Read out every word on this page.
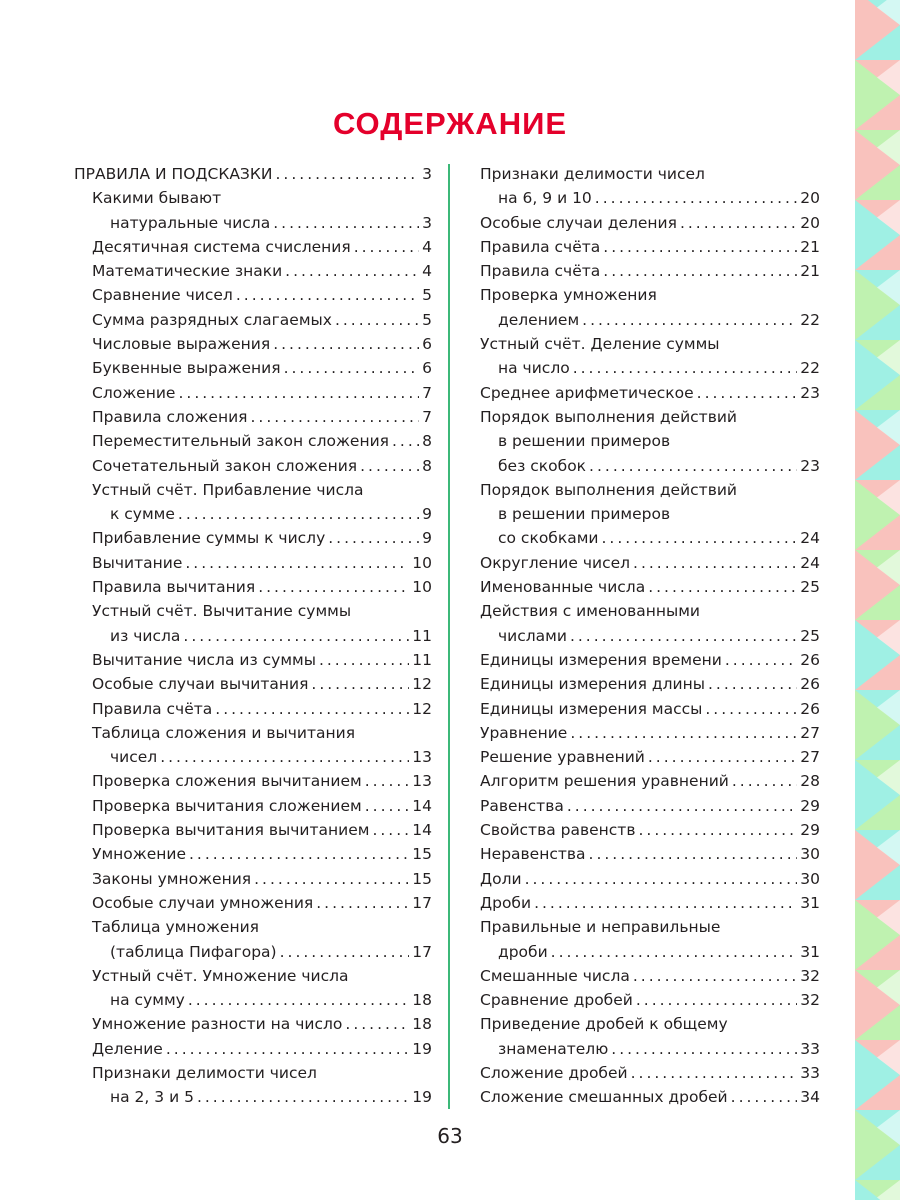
СОДЕРЖАНИЕ
ПРАВИЛА И ПОДСКАЗКИ .....	3
Какими бывают
натуральные числа .....	3
Десятичная система счисления .....	4
Математические знаки .....	4
Сравнение чисел .....	5
Сумма разрядных слагаемых .....	5
Числовые выражения .....	6
Буквенные выражения .....	6
Сложение .....	7
Правила сложения .....	7
Переместительный закон сложения ..... 8
Сочетательный закон сложения .....	8
Устный счёт. Прибавление числа
к сумме .....	9
Прибавление суммы к числу .....	9
Вычитание .....	10
Правила вычитания .....	10
Устный счёт. Вычитание суммы
из числа .....	11
Вычитание числа из суммы .....	11
Особые случаи вычитания .....	12
Правила счёта .....	12
Таблица сложения и вычитания
чисел .....	13
Проверка сложения вычитанием .....	13
Проверка вычитания сложением .....	14
Проверка вычитания вычитанием .....	14
Умножение .....	15
Законы умножения .....	15
Особые случаи умножения .....	17
Таблица умножения
(таблица Пифагора) .....	17
Устный счёт. Умножение числа
на сумму .....	18
Умножение разности на число .....	18
Деление .....	19
Признаки делимости чисел
на 2, 3 и 5 .....	19
Признаки делимости чисел
на 6, 9 и 10 .....	20
Особые случаи деления .....	20
Правила счёта .....	21
Правила счёта .....	21
Проверка умножения
делением .....	22
Устный счёт. Деление суммы
на число .....	22
Среднее арифметическое .....	23
Порядок выполнения действий
в решении примеров
без скобок .....	23
Порядок выполнения действий
в решении примеров
со скобками .....	24
Округление чисел .....	24
Именованные числа .....	25
Действия с именованными
числами .....	25
Единицы измерения времени .....	26
Единицы измерения длины .....	26
Единицы измерения массы .....	26
Уравнение .....	27
Решение уравнений .....	27
Алгоритм решения уравнений .....	28
Равенства .....	29
Свойства равенств .....	29
Неравенства .....	30
Доли .....	30
Дроби .....	31
Правильные и неправильные
дроби .....	31
Смешанные числа .....	32
Сравнение дробей .....	32
Приведение дробей к общему
знаменателю .....	33
Сложение дробей .....	33
Сложение смешанных дробей .....	34
63
